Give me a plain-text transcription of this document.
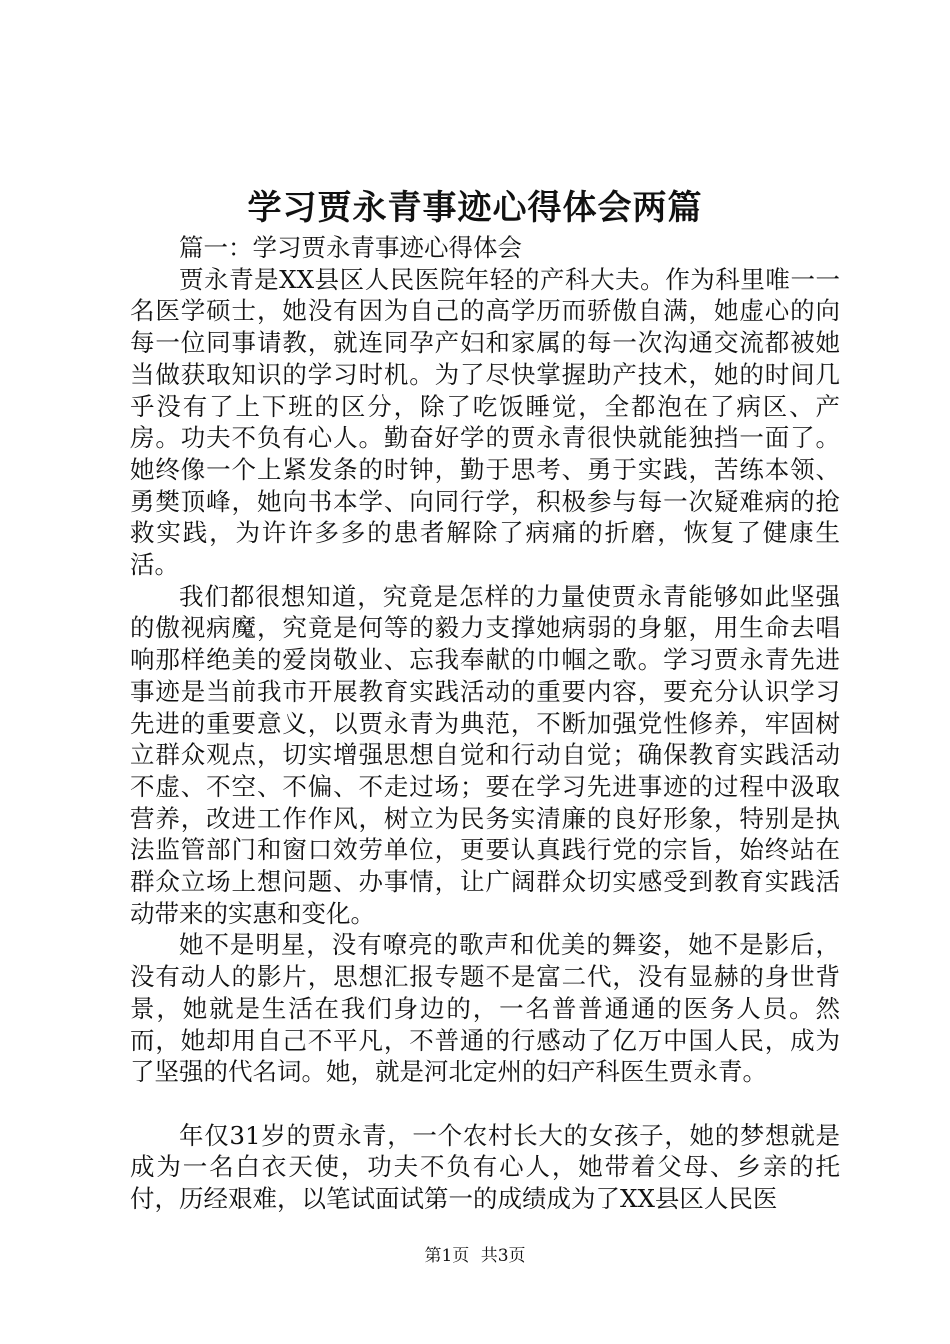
学习贾永青事迹心得体会两篇

篇一：学习贾永青事迹心得体会

贾永青是XX县区人民医院年轻的产科大夫。作为科里唯一一名医学硕士，她没有因为自己的高学历而骄傲自满，她虚心的向每一位同事请教，就连同孕产妇和家属的每一次沟通交流都被她当做获取知识的学习时机。为了尽快掌握助产技术，她的时间几乎没有了上下班的区分，除了吃饭睡觉，全都泡在了病区、产房。功夫不负有心人。勤奋好学的贾永青很快就能独挡一面了。她终像一个上紧发条的时钟，勤于思考、勇于实践，苦练本领、勇樊顶峰，她向书本学、向同行学，积极参与每一次疑难病的抢救实践，为许许多多的患者解除了病痛的折磨，恢复了健康生活。

我们都很想知道，究竟是怎样的力量使贾永青能够如此坚强的傲视病魔，究竟是何等的毅力支撑她病弱的身躯，用生命去唱响那样绝美的爱岗敬业、忘我奉献的巾帼之歌。学习贾永青先进事迹是当前我市开展教育实践活动的重要内容，要充分认识学习先进的重要意义，以贾永青为典范，不断加强党性修养，牢固树立群众观点，切实增强思想自觉和行动自觉；确保教育实践活动不虚、不空、不偏、不走过场；要在学习先进事迹的过程中汲取营养，改进工作作风，树立为民务实清廉的良好形象，特别是执法监管部门和窗口效劳单位，更要认真践行党的宗旨，始终站在群众立场上想问题、办事情，让广阔群众切实感受到教育实践活动带来的实惠和变化。

她不是明星，没有嘹亮的歌声和优美的舞姿，她不是影后，没有动人的影片，思想汇报专题不是富二代，没有显赫的身世背景，她就是生活在我们身边的，一名普普通通的医务人员。然而，她却用自己不平凡，不普通的行感动了亿万中国人民，成为了坚强的代名词。她，就是河北定州的妇产科医生贾永青。

年仅31岁的贾永青，一个农村长大的女孩子，她的梦想就是成为一名白衣天使，功夫不负有心人，她带着父母、乡亲的托付，历经艰难，以笔试面试第一的成绩成为了XX县区人民医

第1页 共3页
